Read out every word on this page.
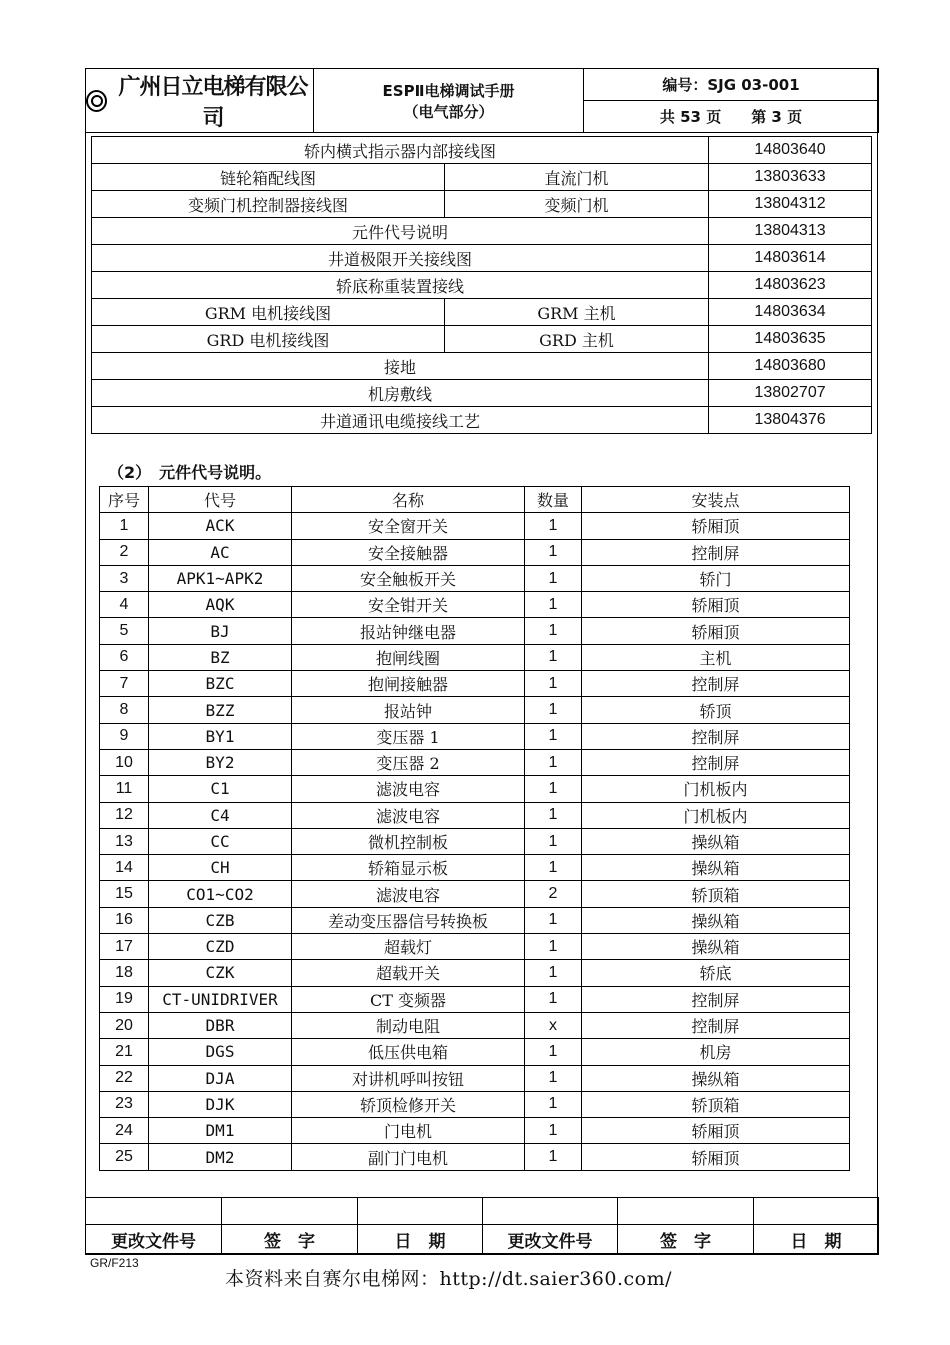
广州日立电梯有限公司

ESPⅡ电梯调试手册
（电气部分）
	编号：SJG 03-001
共 53 页　　第 3 页
轿内横式指示器内部接线图		14803640
链轮箱配线图	直流门机	13803633
变频门机控制器接线图	变频门机	13804312
元件代号说明		13804313
井道极限开关接线图		14803614
轿底称重装置接线		14803623
GRM 电机接线图	GRM 主机	14803634
GRD 电机接线图	GRD 主机	14803635
接地		14803680
机房敷线		13802707
井道通讯电缆接线工艺		13804376
（2）　元件代号说明。
序号	代号	名称	数量	安装点
1	ACK	安全窗开关	1	轿厢顶
2	AC	安全接触器	1	控制屏
3	APK1~APK2	安全触板开关	1	轿门
4	AQK	安全钳开关	1	轿厢顶
5	BJ	报站钟继电器	1	轿厢顶
6	BZ	抱闸线圈	1	主机
7	BZC	抱闸接触器	1	控制屏
8	BZZ	报站钟	1	轿顶
9	BY1	变压器 1	1	控制屏
10	BY2	变压器 2	1	控制屏
11	C1	滤波电容	1	门机板内
12	C4	滤波电容	1	门机板内
13	CC	微机控制板	1	操纵箱
14	CH	轿箱显示板	1	操纵箱
15	CO1~CO2	滤波电容	2	轿顶箱
16	CZB	差动变压器信号转换板	1	操纵箱
17	CZD	超载灯	1	操纵箱
18	CZK	超载开关	1	轿底
19	CT-UNIDRIVER	CT 变频器	1	控制屏
20	DBR	制动电阻	x	控制屏
21	DGS	低压供电箱	1	机房
22	DJA	对讲机呼叫按钮	1	操纵箱
23	DJK	轿顶检修开关	1	轿顶箱
24	DM1	门电机	1	轿厢顶
25	DM2	副门门电机	1	轿厢顶

更改文件号	签　字	日　期	更改文件号	签　字	日　期
GR/F213
本资料来自赛尔电梯网：http://dt.saier360.com/
